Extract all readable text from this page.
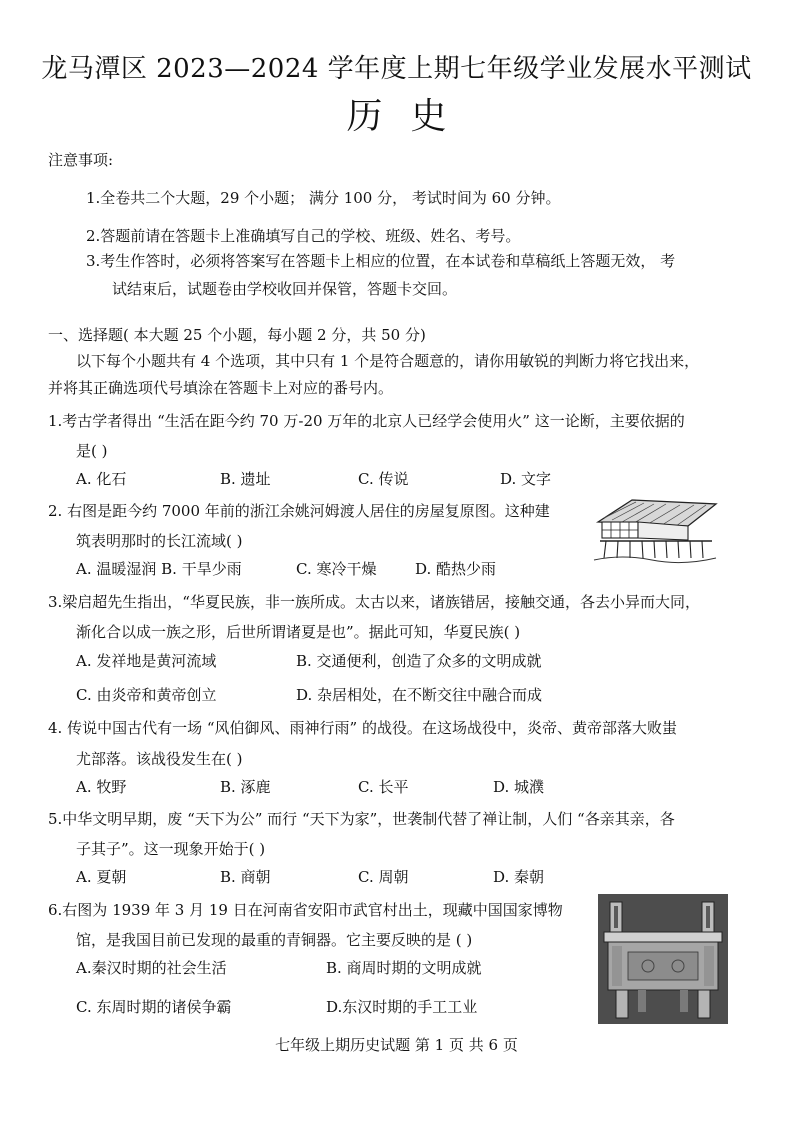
龙马潭区 2023—2024 学年度上期七年级学业发展水平测试
历史
注意事项:
1.全卷共二个大题，29 个小题； 满分 100 分， 考试时间为 60 分钟。
2.答题前请在答题卡上准确填写自己的学校、班级、姓名、考号。
3.考生作答时，必须将答案写在答题卡上相应的位置，在本试卷和草稿纸上答题无效， 考
试结束后，试题卷由学校收回并保管，答题卡交回。
一、选择题( 本大题 25 个小题，每小题 2 分，共 50 分)
以下每个小题共有 4 个选项，其中只有 1 个是符合题意的，请你用敏锐的判断力将它找出来，
并将其正确选项代号填涂在答题卡上对应的番号内。
1.考古学者得出 “生活在距今约 70 万-20 万年的北京人已经学会使用火” 这一论断，主要依据的
是( )
A. 化石	B. 遗址	C. 传说	D. 文字
2. 右图是距今约 7000 年前的浙江余姚河姆渡人居住的房屋复原图。这种建
筑表明那时的长江流域( )
A. 温暖湿润 B. 干旱少雨	C. 寒冷干燥	D. 酷热少雨
3.梁启超先生指出，“华夏民族，非一族所成。太古以来，诸族错居，接触交通，各去小异而大同，
渐化合以成一族之形，后世所谓诸夏是也”。据此可知，华夏民族( )
A. 发祥地是黄河流域	B. 交通便利，创造了众多的文明成就
C. 由炎帝和黄帝创立	D. 杂居相处，在不断交往中融合而成
4. 传说中国古代有一场 “风伯御风、雨神行雨” 的战役。在这场战役中，炎帝、黄帝部落大败蚩
尤部落。该战役发生在( )
A. 牧野	B. 涿鹿	C. 长平	D. 城濮
5.中华文明早期，废 “天下为公” 而行 “天下为家”，世袭制代替了禅让制，人们 “各亲其亲，各
子其子”。这一现象开始于( )
A. 夏朝	B. 商朝	C. 周朝	D. 秦朝
6.右图为 1939 年 3 月 19 日在河南省安阳市武官村出土，现藏中国国家博物
馆，是我国目前已发现的最重的青铜器。它主要反映的是 ( )
A.秦汉时期的社会生活	B. 商周时期的文明成就
C. 东周时期的诸侯争霸	D.东汉时期的手工工业
七年级上期历史试题 第 1 页 共 6 页
